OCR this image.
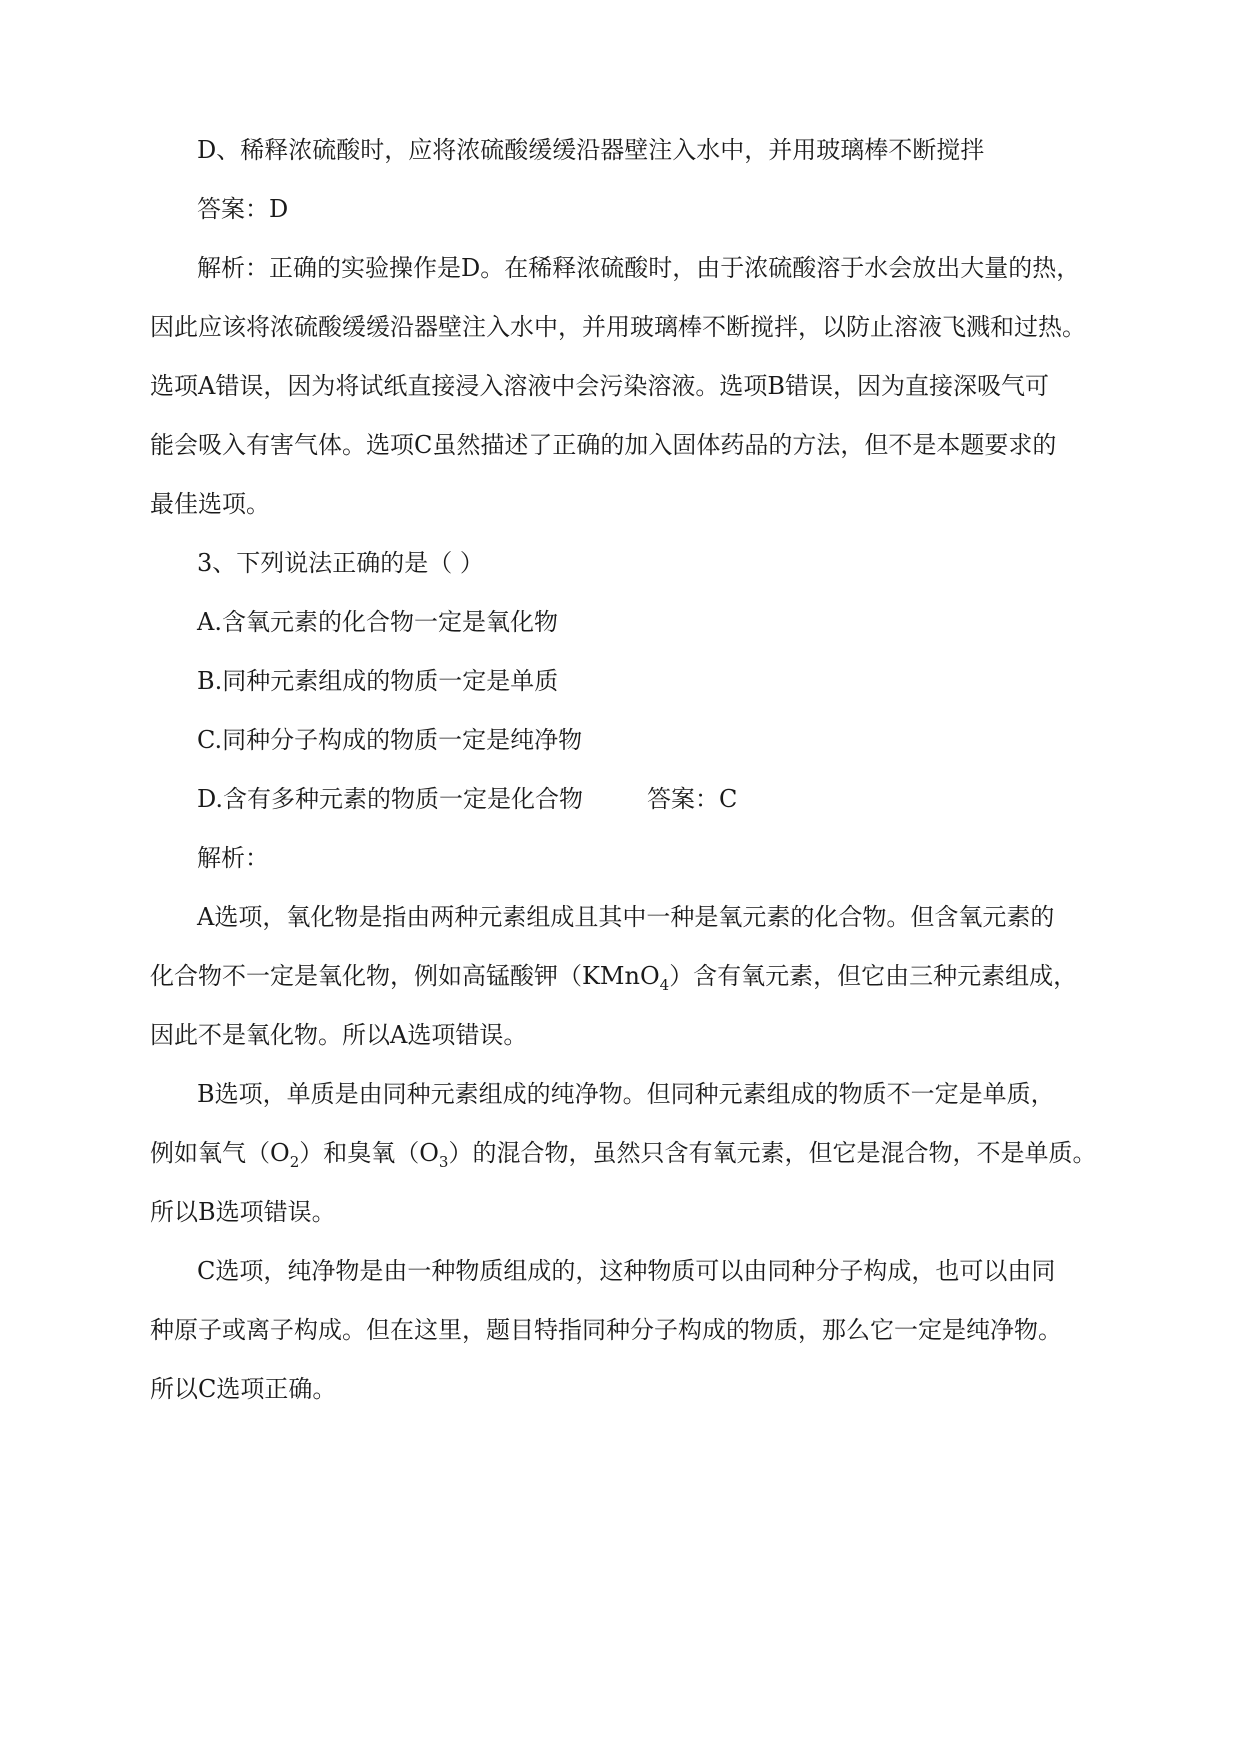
D、稀释浓硫酸时，应将浓硫酸缓缓沿器壁注入水中，并用玻璃棒不断搅拌
答案：D
解析：正确的实验操作是D。在稀释浓硫酸时，由于浓硫酸溶于水会放出大量的热，
因此应该将浓硫酸缓缓沿器壁注入水中，并用玻璃棒不断搅拌，以防止溶液飞溅和过热。
选项A错误，因为将试纸直接浸入溶液中会污染溶液。选项B错误，因为直接深吸气可
能会吸入有害气体。选项C虽然描述了正确的加入固体药品的方法，但不是本题要求的
最佳选项。
3、下列说法正确的是（ ）
A.含氧元素的化合物一定是氧化物
B.同种元素组成的物质一定是单质
C.同种分子构成的物质一定是纯净物
D.含有多种元素的物质一定是化合物	答案：C
解析：
A选项，氧化物是指由两种元素组成且其中一种是氧元素的化合物。但含氧元素的
化合物不一定是氧化物，例如高锰酸钾（KMnO$_4$）含有氧元素，但它由三种元素组成，
因此不是氧化物。所以A选项错误。
B选项，单质是由同种元素组成的纯净物。但同种元素组成的物质不一定是单质，
例如氧气$(O_2)$和臭氧$(O_3)$的混合物，虽然只含有氧元素，但它是混合物，不是单质。
所以B选项错误。
C选项，纯净物是由一种物质组成的，这种物质可以由同种分子构成，也可以由同
种原子或离子构成。但在这里，题目特指同种分子构成的物质，那么它一定是纯净物。
所以C选项正确。
